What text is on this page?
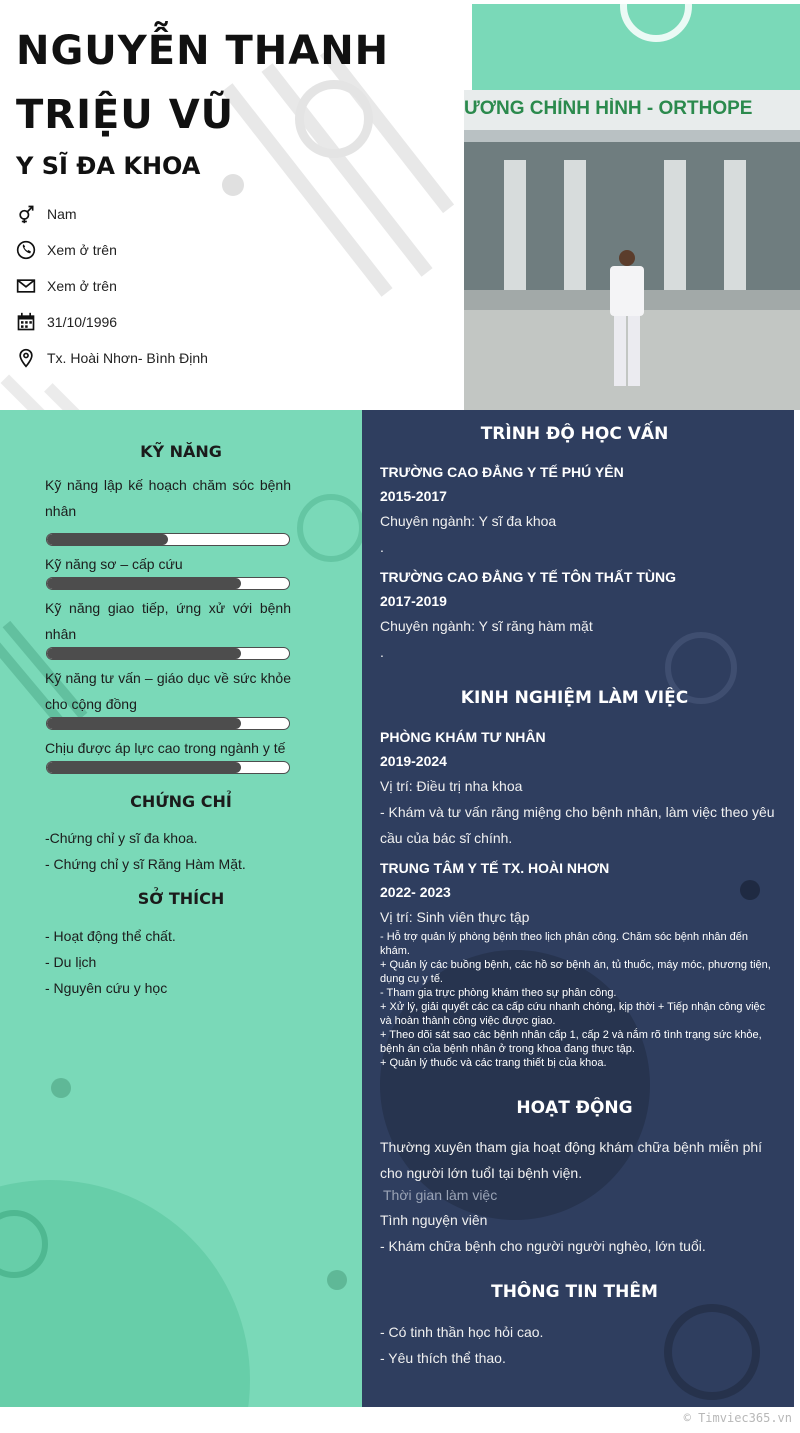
NGUYỄN THANH
TRIỆU VŨ
Y SĨ ĐA KHOA
Nam
Xem ở trên
Xem ở trên
31/10/1996
Tx. Hoài Nhơn- Bình Định
ƯƠNG CHỈNH HÌNH - ORTHOPE
KỸ NĂNG
Kỹ năng lập kế hoạch chăm sóc bệnh nhân
Kỹ năng sơ – cấp cứu
Kỹ năng giao tiếp, ứng xử với bệnh nhân
Kỹ năng tư vấn – giáo dục về sức khỏe cho cộng đồng
Chịu được áp lực cao trong ngành y tế
CHỨNG CHỈ
-Chứng chỉ y sĩ đa khoa.
- Chứng chỉ y sĩ Răng Hàm Mặt.
SỞ THÍCH
- Hoạt động thể chất.
- Du lịch
- Nguyên cứu y học
TRÌNH ĐỘ HỌC VẤN
TRƯỜNG CAO ĐẲNG Y TẾ PHÚ YÊN
2015-2017
Chuyên ngành: Y sĩ đa khoa
.
TRƯỜNG CAO ĐẲNG Y TẾ TÔN THẤT TÙNG
2017-2019
Chuyên ngành: Y sĩ răng hàm mặt
.
KINH NGHIỆM LÀM VIỆC
PHÒNG KHÁM TƯ NHÂN
2019-2024
Vị trí: Điều trị nha khoa
- Khám và tư vấn răng miệng cho bệnh nhân, làm việc theo yêu cầu của bác sĩ chính.
TRUNG TÂM Y TẾ TX. HOÀI NHƠN
2022- 2023
Vị trí: Sinh viên thực tập
- Hỗ trợ quản lý phòng bệnh theo lịch phân công. Chăm sóc bệnh nhân đến khám.
+ Quản lý các buồng bệnh, các hồ sơ bệnh án, tủ thuốc, máy móc, phương tiện, dụng cụ y tế.
- Tham gia trực phòng khám theo sự phân công.
+ Xử lý, giải quyết các ca cấp cứu nhanh chóng, kịp thời + Tiếp nhận công việc và hoàn thành công việc được giao.
+ Theo dõi sát sao các bệnh nhân cấp 1, cấp 2 và nắm rõ tình trạng sức khỏe, bệnh án của bệnh nhân ở trong khoa đang thực tập.
+ Quản lý thuốc và các trang thiết bị của khoa.
HOẠT ĐỘNG
Thường xuyên tham gia hoạt động khám chữa bệnh miễn phí cho người lớn tuổI tại bệnh viện.
Thời gian làm việc
Tình nguyện viên
- Khám chữa bệnh cho người người nghèo, lớn tuổi.
THÔNG TIN THÊM
- Có tinh thần học hỏi cao.
- Yêu thích thể thao.
© Timviec365.vn
